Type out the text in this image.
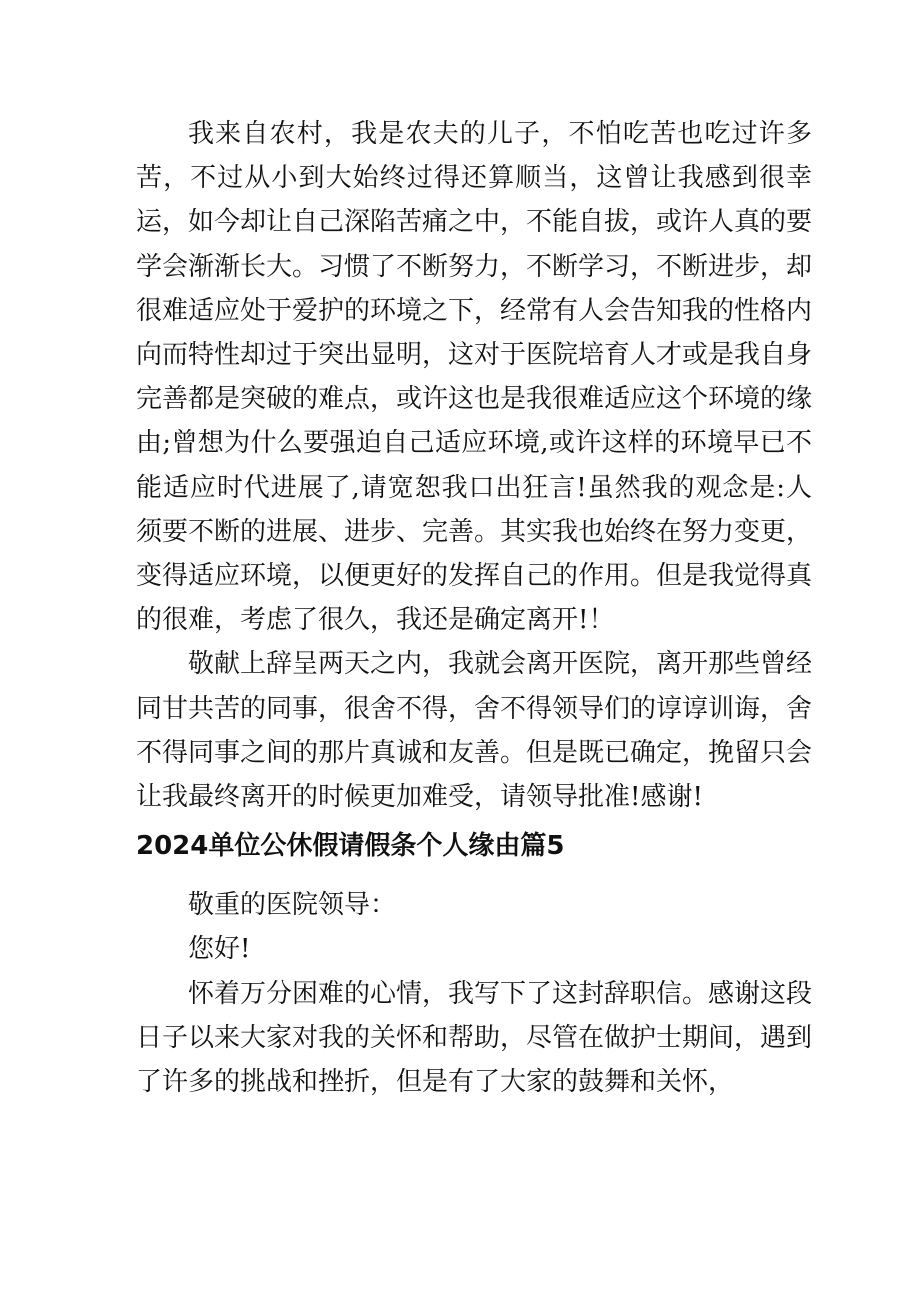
我来自农村，我是农夫的儿子，不怕吃苦也吃过许多苦，不过从小到大始终过得还算顺当，这曾让我感到很幸运，如今却让自己深陷苦痛之中，不能自拔，或许人真的要学会渐渐长大。习惯了不断努力，不断学习，不断进步，却很难适应处于爱护的环境之下，经常有人会告知我的性格内向而特性却过于突出显明，这对于医院培育人才或是我自身完善都是突破的难点，或许这也是我很难适应这个环境的缘由;曾想为什么要强迫自己适应环境,或许这样的环境早已不能适应时代进展了,请宽恕我口出狂言!虽然我的观念是:人须要不断的进展、进步、完善。其实我也始终在努力变更，变得适应环境，以便更好的发挥自己的作用。但是我觉得真的很难，考虑了很久，我还是确定离开!！

敬献上辞呈两天之内，我就会离开医院，离开那些曾经同甘共苦的同事，很舍不得，舍不得领导们的谆谆训诲，舍不得同事之间的那片真诚和友善。但是既已确定，挽留只会让我最终离开的时候更加难受，请领导批准!感谢!

2024单位公休假请假条个人缘由篇5

敬重的医院领导：

您好!

怀着万分困难的心情，我写下了这封辞职信。感谢这段日子以来大家对我的关怀和帮助，尽管在做护士期间，遇到了许多的挑战和挫折，但是有了大家的鼓舞和关怀，
